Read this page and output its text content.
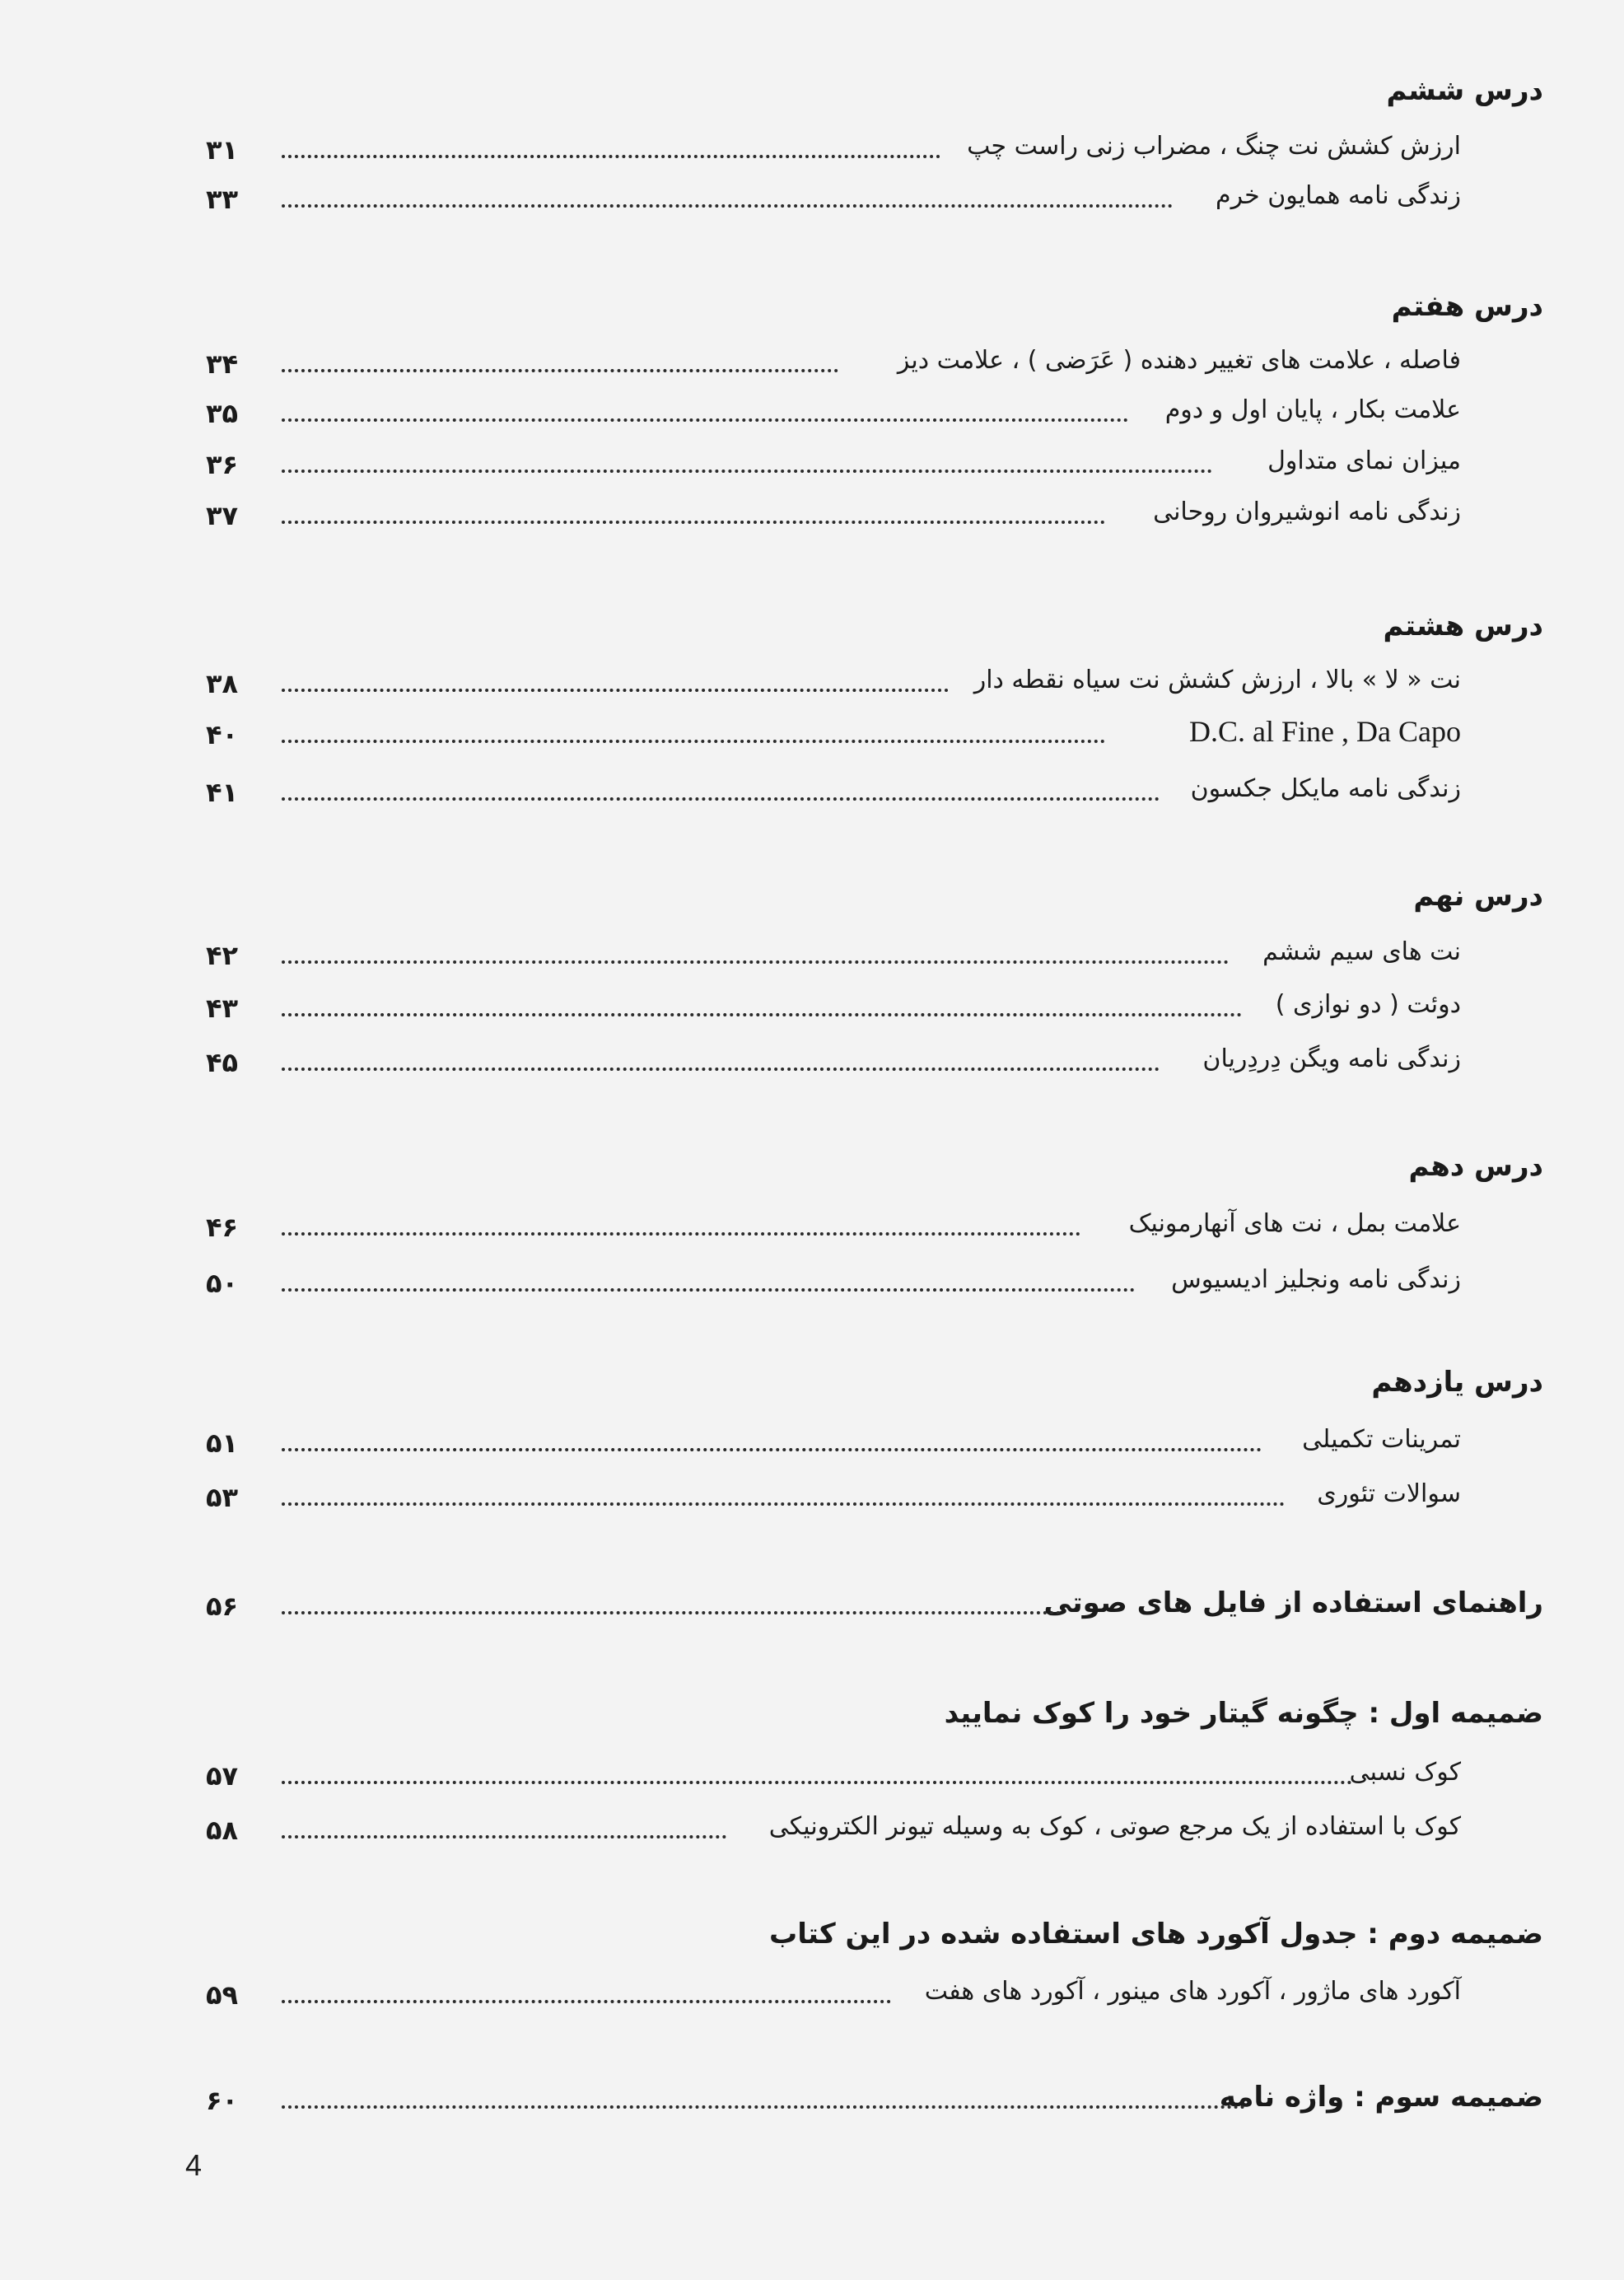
درس ششم
ارزش کشش نت چنگ ، مضراب زنی راست چپ
۳۱
زندگی نامه همایون خرم
۳۳
درس هفتم
فاصله ، علامت های تغییر دهنده ( عَرَضی ) ، علامت دیز
۳۴
علامت بکار ، پایان اول و دوم
۳۵
میزان نمای متداول
۳۶
زندگی نامه انوشیروان روحانی
۳۷
درس هشتم
نت « لا » بالا ، ارزش کشش نت سیاه نقطه دار
۳۸
D.C. al Fine , Da Capo
۴۰
زندگی نامه مایکل جکسون
۴۱
درس نهم
نت های سیم ششم
۴۲
دوئت ( دو نوازی )
۴۳
زندگی نامه ویگن دِردِریان
۴۵
درس دهم
علامت بمل ، نت های آنهارمونیک
۴۶
زندگی نامه ونجلیز ادیسیوس
۵۰
درس یازدهم
تمرینات تکمیلی
۵۱
سوالات تئوری
۵۳
راهنمای استفاده از فایل های صوتی
۵۶
ضمیمه اول : چگونه گیتار خود را کوک نمایید
کوک نسبی
۵۷
کوک با استفاده از یک مرجع صوتی ، کوک به وسیله تیونر الکترونیکی
۵۸
ضمیمه دوم : جدول آکورد های استفاده شده در این کتاب
آکورد های ماژور ، آکورد های مینور ، آکورد های هفت
۵۹
ضمیمه سوم : واژه نامه
۶۰
4
